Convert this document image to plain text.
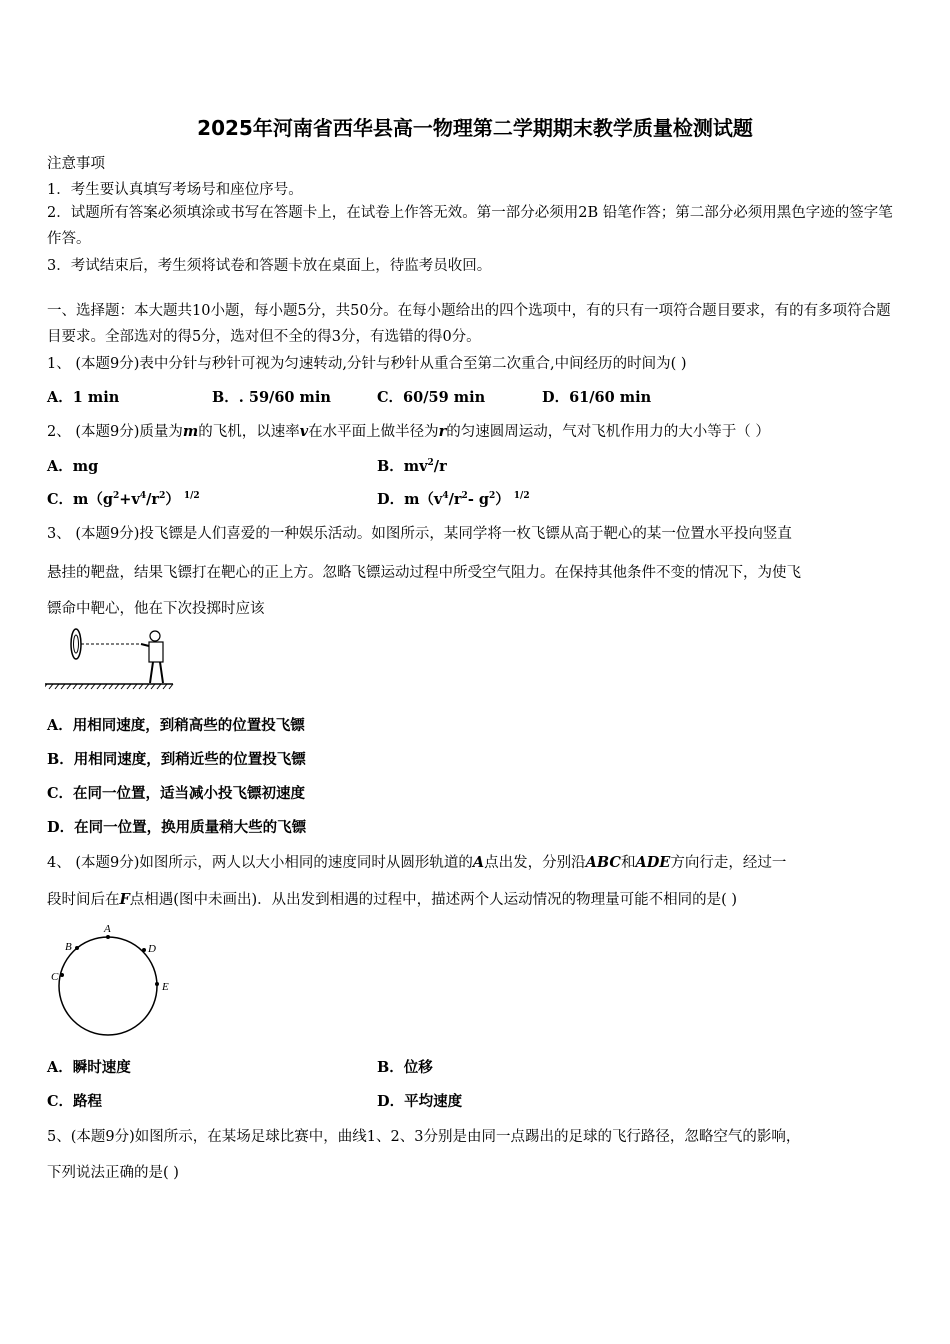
2025年河南省西华县高一物理第二学期期末教学质量检测试题
注意事项
1．考生要认真填写考场号和座位序号。
2．试题所有答案必须填涂或书写在答题卡上，在试卷上作答无效。第一部分必须用2B 铅笔作答；第二部分必须用黑色字迹的签字笔作答。
3．考试结束后，考生须将试卷和答题卡放在桌面上，待监考员收回。
一、选择题：本大题共10小题，每小题5分，共50分。在每小题给出的四个选项中，有的只有一项符合题目要求，有的有多项符合题目要求。全部选对的得5分，选对但不全的得3分，有选错的得0分。
1、 (本题9分)表中分针与秒针可视为匀速转动,分针与秒针从重合至第二次重合,中间经历的时间为( )
A．1 min	B．. 59/60 min	C．60/59 min	D．61/60 min
2、 (本题9分)质量为m的飞机，以速率v在水平面上做半径为r的匀速圆周运动，气对飞机作用力的大小等于（ ）
A．mg	B．$mv^2/r$
C．$m(g^2+v^4/r^2)$ $^{1/2}$	D．$m(v^4/r^2-$ $g^2$） $^{1/2}$
3、 (本题9分)投飞镖是人们喜爱的一种娱乐活动。如图所示，某同学将一枚飞镖从高于靶心的某一位置水平投向竖直
悬挂的靶盘，结果飞镖打在靶心的正上方。忽略飞镖运动过程中所受空气阻力。在保持其他条件不变的情况下，为使飞
镖命中靶心，他在下次投掷时应该
A．用相同速度，到稍高些的位置投飞镖
B．用相同速度，到稍近些的位置投飞镖
C．在同一位置，适当减小投飞镖初速度
D．在同一位置，换用质量稍大些的飞镖
4、 (本题9分)如图所示，两人以大小相同的速度同时从圆形轨道的A点出发，分别沿ABC和ADE方向行走，经过一
段时间后在F点相遇(图中未画出)．从出发到相遇的过程中，描述两个人运动情况的物理量可能不相同的是( )
A
B
C
D
E
A．瞬时速度	B．位移
C．路程	D．平均速度
5、(本题9分)如图所示，在某场足球比赛中，曲线1、2、3分别是由同一点踢出的足球的飞行路径，忽略空气的影响，
下列说法正确的是( )
